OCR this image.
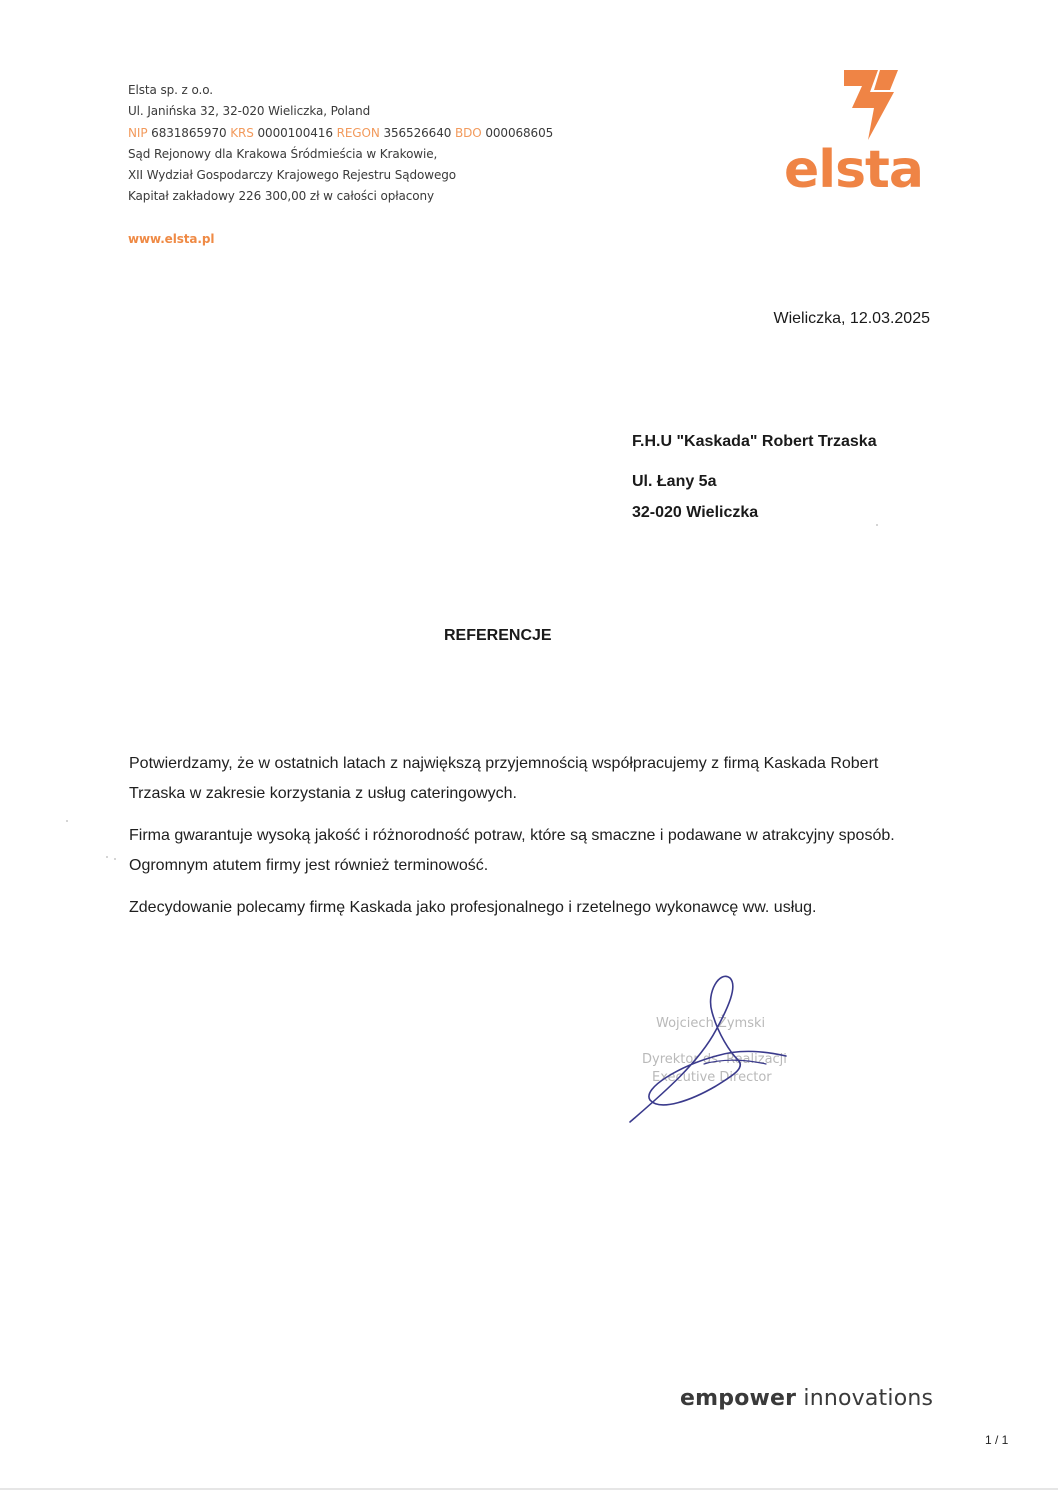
Elsta sp. z o.o.
Ul. Janińska 32, 32-020 Wieliczka, Poland
NIP 6831865970 KRS 0000100416 REGON 356526640 BDO 000068605
Sąd Rejonowy dla Krakowa Śródmieścia w Krakowie,
XII Wydział Gospodarczy Krajowego Rejestru Sądowego
Kapitał zakładowy 226 300,00 zł w całości opłacony
www.elsta.pl
elsta
Wieliczka, 12.03.2025
F.H.U "Kaskada" Robert Trzaska
Ul. Łany 5a
32-020 Wieliczka
REFERENCJE

Potwierdzamy, że w ostatnich latach z największą przyjemnością współpracujemy z firmą Kaskada Robert Trzaska w zakresie korzystania z usług cateringowych.

Firma gwarantuje wysoką jakość i różnorodność potraw, które są smaczne i podawane w atrakcyjny sposób. Ogromnym atutem firmy jest również terminowość.

Zdecydowanie polecamy firmę Kaskada jako profesjonalnego i rzetelnego wykonawcę ww. usług.

Wojciech Żymski
Dyrektor ds. Realizacji
Executive Director
empower innovations
1 / 1
